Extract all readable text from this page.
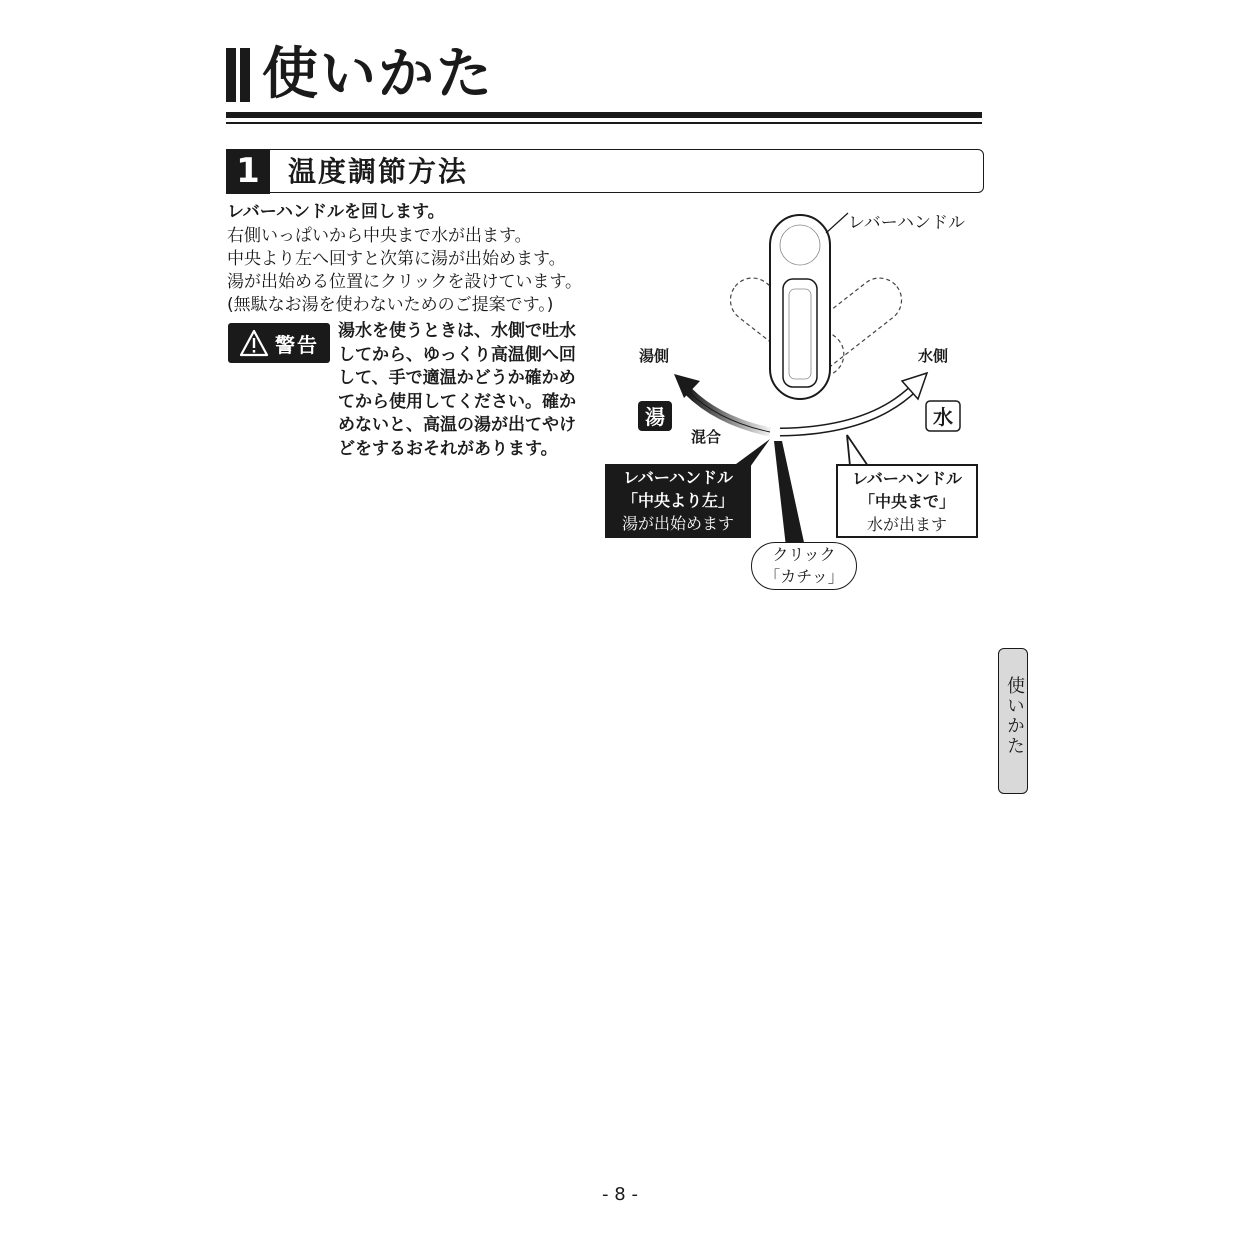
使いかた
1	温度調節方法
レバーハンドルを回します。
右側いっぱいから中央まで水が出ます。
中央より左へ回すと次第に湯が出始めます。
湯が出始める位置にクリックを設けています。
(無駄なお湯を使わないためのご提案です。)
警告
湯水を使うときは、水側で吐水
してから、ゆっくり高温側へ回
して、手で適温かどうか確かめ
てから使用してください。確か
めないと、高温の湯が出てやけ
どをするおそれがあります。
レバーハンドル
湯側	水側
湯	水
混合
レバーハンドル
「中央より左」
湯が出始めます
レバーハンドル
「中央まで」
水が出ます
クリック
「カチッ」
使いかた
- 8 -
